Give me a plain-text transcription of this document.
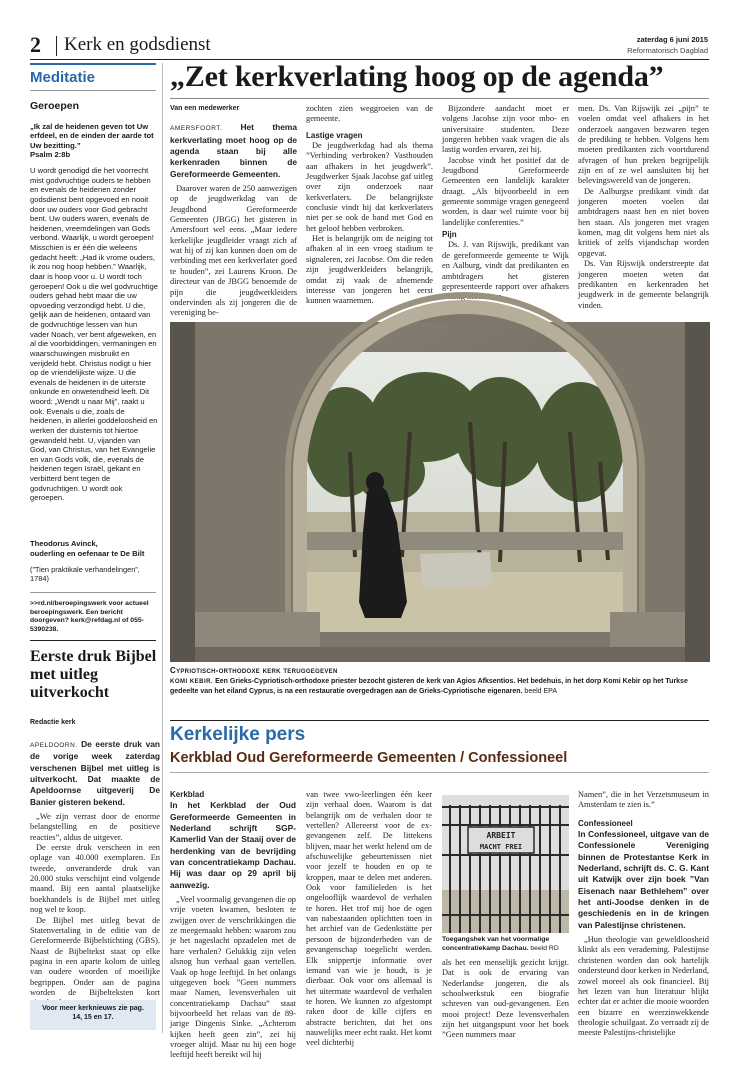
2 Kerk en godsdienst	zaterdag 6 juni 2015
Reformatorisch Dagblad
Meditatie
Geroepen
„Ik zal de heidenen geven tot Uw erfdeel, en de einden der aarde tot Uw bezitting.”
Psalm 2:8b
U wordt genodigd die het voorrecht mist godvruchtige ouders te hebben en evenals de heidenen zonder godsdienst bent opgevoed en nooit door uw ouders voor God gebracht bent. Uw ouders waren, evenals de heidenen, vreemdelingen van Gods verbond. Waarlijk, u wordt geroepen! Misschien is er één die weleens gedacht heeft: „Had ik vrome ouders, ik zou nog hoop hebben.” Waarlijk, daar is hoop voor u. U wordt toch geroepen! Ook u die wel godvruchtige ouders gehad hebt maar die uw opvoeding verzondigd hebt. U die, gelijk aan de heidenen, ontaard van de godvruchtige lessen van hun vader Noach, ver bent afgeweken, en al die voorbiddingen, vermaningen en waarschuwingen misbruikt en verijdeld hebt. Christus nodigt u hier op de vriendelijkste wijze. U die evenals de heidenen in de uiterste onkunde en onwetendheid leeft. Dit woord: „Wendt u naar Mij”, raakt u ook. Evenals u die, zoals de heidenen, in allerlei goddeloosheid en werken der duisternis tot hiertoe gewandeld hebt. U, vijanden van God, van Christus, van het Evangelie en van Gods volk, die, evenals de heidenen tegen Israël, gekant en verbitterd bent tegen de godvruchtigen. U wordt ook geroepen.
Theodorus Avinck,
ouderling en oefenaar te De Bilt
(”Tien praktikale verhandelingen”, 1784)
>>rd.nl/beroepingswerk voor actueel beroepingswerk. Een bericht doorgeven? kerk@refdag.nl of 055-5390238.
Eerste druk Bijbel met uitleg uitverkocht
Redactie kerk

APELDOORN. De eerste druk van de vorige week zaterdag verschenen Bijbel met uitleg is uitverkocht. Dat maakte de Apeldoornse uitgeverij De Banier gisteren bekend.

„We zijn verrast door de enorme belangstelling en de positieve reacties”, aldus de uitgever.

De eerste druk verscheen in een oplage van 40.000 exemplaren. En tweede, onveranderde druk van 20.000 stuks verschijnt eind volgende maand. Bij een aantal plaatselijke boekhandels is de Bijbel met uitleg nog wel te koop.

De Bijbel met uitleg bevat de Statenvertaling in de editie van de Gereformeerde Bijbelstichting (GBS). Naast de Bijbeltekst staat op elke pagina in een aparte kolom de uitleg van oudere woorden of moeilijke begrippen. Onder aan de pagina worden de Bijbelteksten kort

Voor meer kerknieuws zie pag. 14, 15 en 17.
„Zet kerkverlating hoog op de agenda”

Van een medewerker

AMERSFOORT. Het thema kerkverlating moet hoog op de agenda staan bij alle kerkenraden binnen de Gereformeerde Gemeenten.

Daarover waren de 250 aanwezigen op de jeugdwerkdag van de Jeugdbond Gereformeerde Gemeenten (JBGG) het gisteren in Amersfoort wel eens. „Maar iedere kerkelijke jeugdleider vraagt zich af wat hij of zij kan kunnen doen om de verbinding met een kerkverlater goed te houden”, zei Laurens Kroon. De directeur van de JBGG benoemde de pijn die jeugdwerkleiders ondervinden als zij jongeren die de vereniging be-

zochten zien weggroeien van de gemeente.

Lastige vragen

De jeugdwerkdag had als thema ”Verbinding verbroken? Vasthouden aan afhakers in het jeugdwerk”. Jeugdwerker Sjaak Jacobse gaf uitleg over zijn onderzoek naar kerkverlaters. De belangrijkste conclusie vindt hij dat kerkverlaters niet per se ook de band met God en het geloof hebben verbroken.

Het is belangrijk om de neiging tot afhaken al in een vroeg stadium te signaleren, zei Jacobse. Om die reden zijn jeugdwerkleiders belangrijk, omdat zij vaak de afnemende interesse van jongeren het eerst kunnen waarnemen.

Bijzondere aandacht moet er volgens Jacobse zijn voor mbo- en universitaire studenten. Deze jongeren hebben vaak vragen die als lastig worden ervaren, zei hij.

Jacobse vindt het positief dat de Jeugdbond Gereformeerde Gemeenten een landelijk karakter draagt. „Als bijvoorbeeld in een gemeente sommige vragen genegeerd worden, is daar wel ruimte voor bij landelijke conferenties.”

Pijn

Ds. J. van Rijswijk, predikant van de gereformeerde gemeente te Wijk en Aalburg, vindt dat predikanten en ambtdragers het gisteren gepresenteerde rapport over afhakers ernstig moeten ne-

men. Ds. Van Rijswijk zei „pijn” te voelen omdat veel afhakers in het onderzoek aangaven bezwaren tegen de prediking te hebben. Volgens hem moeten predikanten zich voortdurend afvragen of hun preken begrijpelijk zijn en of ze wel aansluiten bij het belevingswereld van de jongeren.

De Aalburgse predikant vindt dat jongeren moeten voelen dat ambtdragers naast hen en niet boven hen staan. Als jongeren met vragen komen, mag dit volgens hem niet als kritiek of zelfs vijandschap worden opgevat.

Ds. Van Rijswijk onderstreepte dat jongeren moeten weten dat predikanten en kerkenraden het jeugdwerk in de gemeente belangrijk vinden.

Cypriotisch-orthodoxe kerk teruggegeven
KOMI KEBIR. Een Grieks-Cypriotisch-orthodoxe priester bezocht gisteren de kerk van Agios Afksentios. Het bedehuis, in het dorp Komi Kebir op het Turkse gedeelte van het eiland Cyprus, is na een restauratie overgedragen aan de Grieks-Cypriotische eigenaren. beeld EPA
Kerkelijke pers
Kerkblad Oud Gereformeerde Gemeenten / Confessioneel

Kerkblad

In het Kerkblad der Oud Gereformeerde Gemeenten in Nederland schrijft SGP-Kamerlid Van der Staaij over de herdenking van de bevrijding van concentratiekamp Dachau. Hij was daar op 29 april bij aanwezig.

„Veel voormalig gevangenen die op vrije voeten kwamen, besloten te zwijgen over de verschrikkingen die ze meegemaakt hebben: waarom zou je het nageslacht opzadelen met de hare verhalen? Gelukkig zijn velen alsnog hun verhaal gaan vertellen. Vaak op hoge leeftijd. In het onlangs uitgegeven boek ”Geen nummers maar Namen, levensverhalen uit concentratiekamp Dachau” staat bijvoorbeeld het relaas van de 89-jarige Dingenis Sinke. „Achterom kijken heeft geen zin”, zei hij vroeger altijd. Maar nu hij een hoge leeftijd heeft bereikt wil hij

van twee vwo-leerlingen één keer zijn verhaal doen. Waarom is dat belangrijk om de verhalen door te vertellen? Allereerst voor de ex-gevangenen zelf. De littekens blijven, maar het werkt helend om de afschuwelijke gebeurtenissen niet voor jezelf te houden en op te kroppen, maar te delen met anderen. Ook voor familieleden is het ongelooflijk waardevol de verhalen te horen. Het trof mij hoe de ogen van nabestaanden oplichtten toen in het archief van de Gedenkstätte per persoon de bijzonderheden van de gevangenschap toegelicht werden. Elk snippertje informatie over iemand van wie je houdt, is je dierbaar. Ook voor ons allemaal is het uitermate waardevol de verhalen te horen. We kunnen zo afgestompt raken door de kille cijfers en abstracte berichten, dat het ons nauwelijks meer echt raakt. Het komt veel dichterbij

ARBEIT
MACHT FREI
Toegangshek van het voormalige concentratiekamp Dachau. beeld RD

als het een menselijk gezicht krijgt. Dat is ook de ervaring van Nederlandse jongeren, die als schoolwerkstuk een biografie schreven van oud-gevangenen. Een mooi project! Deze levensverhalen zijn het uitgangspunt voor het boek ”Geen nummers maar

Namen”, die in het Verzetsmuseum in Amsterdam te zien is.”

Confessioneel

In Confessioneel, uitgave van de Confessionele Vereniging binnen de Protestantse Kerk in Nederland, schrijft ds. C. G. Kant uit Katwijk over zijn boek ”Van Eisenach naar Bethlehem” over het anti-Joodse denken in de geschiedenis en in de kringen van Palestijnse christenen.

„Hun theologie van geweldloosheid klinkt als een verademing. Palestijnse christenen worden dan ook hartelijk ondersteund door kerken in Nederland, zowel moreel als ook financieel. Bij het lezen van hun literatuur blijkt echter dat er achter die mooie woorden een bizarre en weerzinwekkende theologie schuilgaat. Zo verraadt zij de meeste Palestijns-christelijke
